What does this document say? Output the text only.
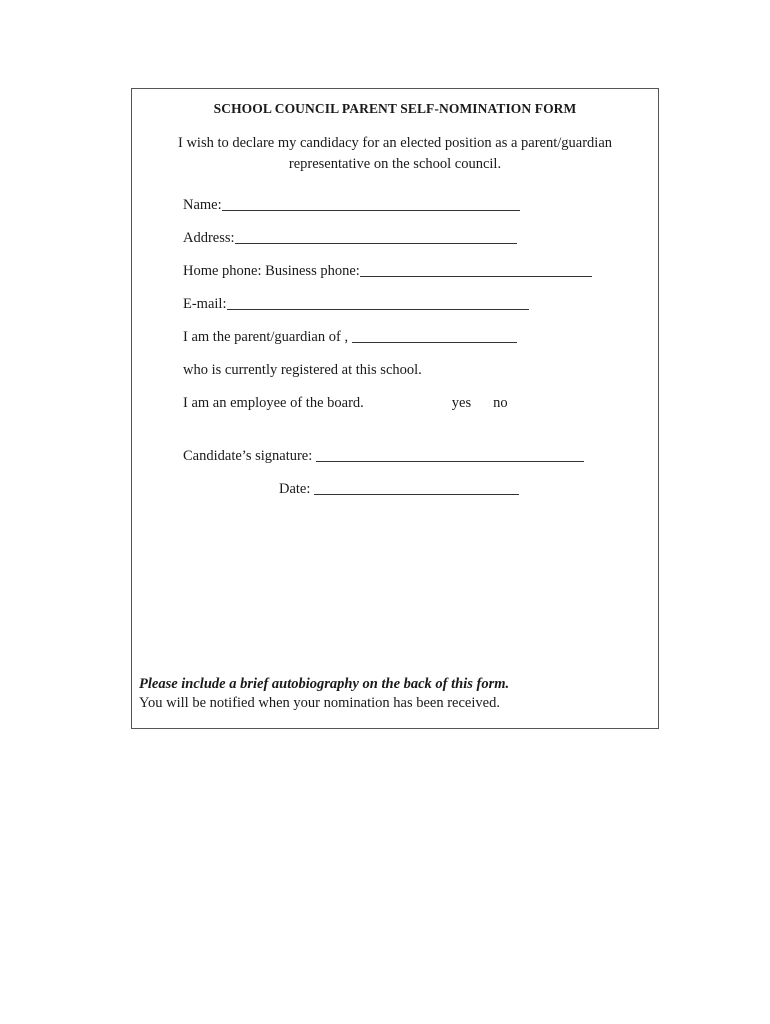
SCHOOL COUNCIL PARENT SELF-NOMINATION FORM
I wish to declare my candidacy for an elected position as a parent/guardian representative on the school council.
Name:
Address:
Home phone: Business phone:
E-mail:
I am the parent/guardian of ,
who is currently registered at this school.
I am an employee of the board.	yes no
Candidate’s signature:
Date:
Please include a brief autobiography on the back of this form.
You will be notified when your nomination has been received.
